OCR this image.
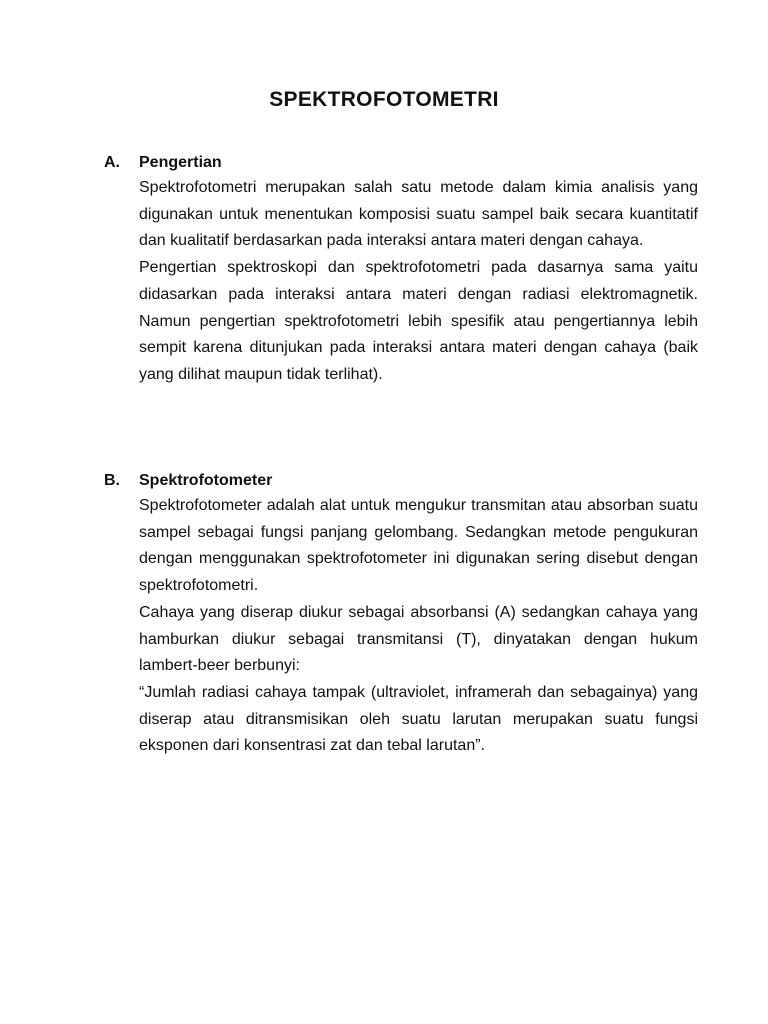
SPEKTROFOTOMETRI
A. Pengertian

Spektrofotometri merupakan salah satu metode dalam kimia analisis yang digunakan untuk menentukan komposisi suatu sampel baik secara kuantitatif dan kualitatif berdasarkan pada interaksi antara materi dengan cahaya.

Pengertian spektroskopi dan spektrofotometri pada dasarnya sama yaitu didasarkan pada interaksi antara materi dengan radiasi elektromagnetik. Namun pengertian spektrofotometri lebih spesifik atau pengertiannya lebih sempit karena ditunjukan pada interaksi antara materi dengan cahaya (baik yang dilihat maupun tidak terlihat).

B. Spektrofotometer

Spektrofotometer adalah alat untuk mengukur transmitan atau absorban suatu sampel sebagai fungsi panjang gelombang. Sedangkan metode pengukuran dengan menggunakan spektrofotometer ini digunakan sering disebut dengan spektrofotometri.

Cahaya yang diserap diukur sebagai absorbansi (A) sedangkan cahaya yang hamburkan diukur sebagai transmitansi (T), dinyatakan dengan hukum lambert-beer berbunyi:

“Jumlah radiasi cahaya tampak (ultraviolet, inframerah dan sebagainya) yang diserap atau ditransmisikan oleh suatu larutan merupakan suatu fungsi eksponen dari konsentrasi zat dan tebal larutan”.
